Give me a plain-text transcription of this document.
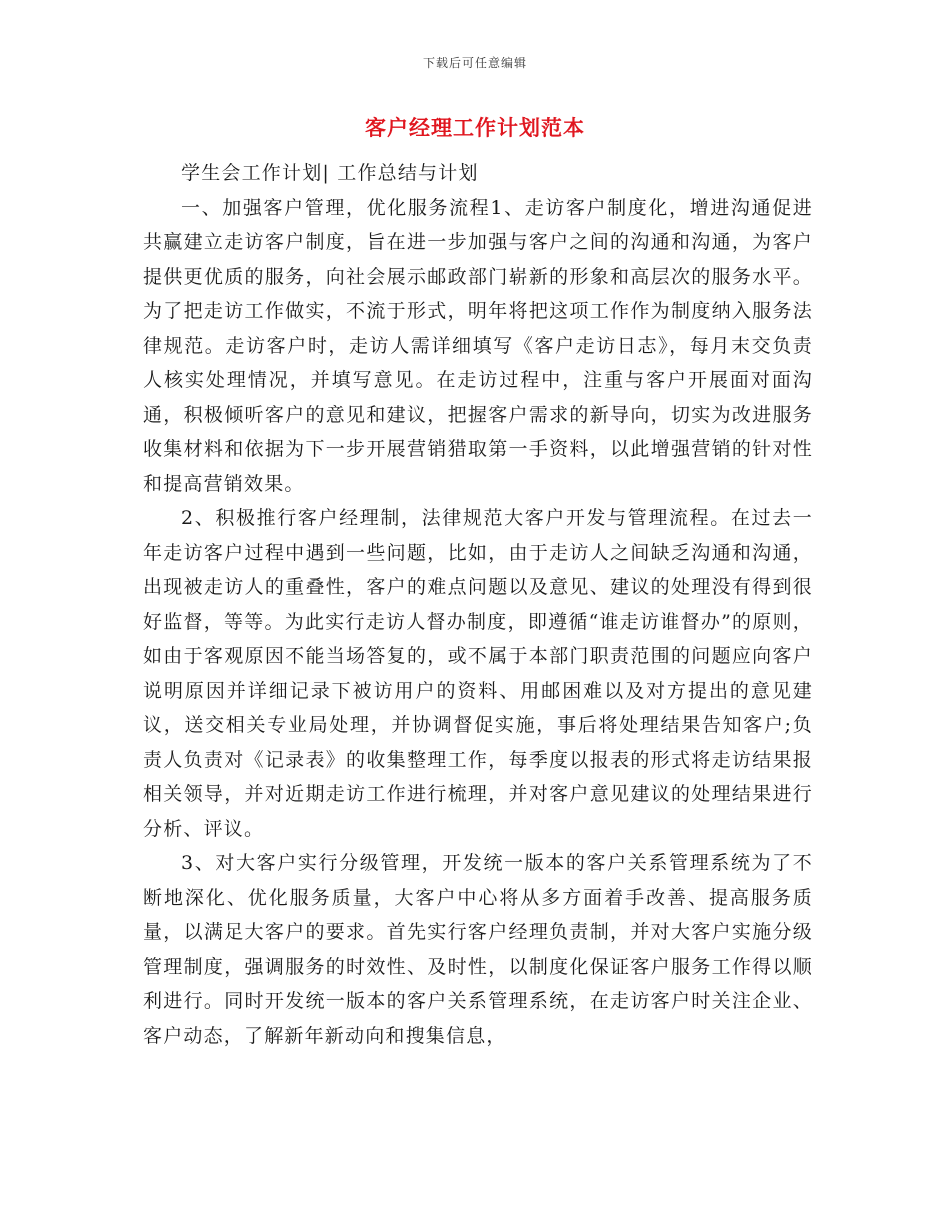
下载后可任意编辑
客户经理工作计划范本

学生会工作计划| 工作总结与计划

一、加强客户管理，优化服务流程1、走访客户制度化，增进沟通促进共赢建立走访客户制度，旨在进一步加强与客户之间的沟通和沟通，为客户提供更优质的服务，向社会展示邮政部门崭新的形象和高层次的服务水平。为了把走访工作做实，不流于形式，明年将把这项工作作为制度纳入服务法律规范。走访客户时，走访人需详细填写《客户走访日志》，每月末交负责人核实处理情况，并填写意见。在走访过程中，注重与客户开展面对面沟通，积极倾听客户的意见和建议，把握客户需求的新导向，切实为改进服务收集材料和依据为下一步开展营销猎取第一手资料，以此增强营销的针对性和提高营销效果。

2、积极推行客户经理制，法律规范大客户开发与管理流程。在过去一年走访客户过程中遇到一些问题，比如，由于走访人之间缺乏沟通和沟通，出现被走访人的重叠性，客户的难点问题以及意见、建议的处理没有得到很好监督，等等。为此实行走访人督办制度，即遵循“谁走访谁督办”的原则，如由于客观原因不能当场答复的，或不属于本部门职责范围的问题应向客户说明原因并详细记录下被访用户的资料、用邮困难以及对方提出的意见建议，送交相关专业局处理，并协调督促实施，事后将处理结果告知客户;负责人负责对《记录表》的收集整理工作，每季度以报表的形式将走访结果报相关领导，并对近期走访工作进行梳理，并对客户意见建议的处理结果进行分析、评议。

3、对大客户实行分级管理，开发统一版本的客户关系管理系统为了不断地深化、优化服务质量，大客户中心将从多方面着手改善、提高服务质量，以满足大客户的要求。首先实行客户经理负责制，并对大客户实施分级管理制度，强调服务的时效性、及时性，以制度化保证客户服务工作得以顺利进行。同时开发统一版本的客户关系管理系统，在走访客户时关注企业、客户动态，了解新年新动向和搜集信息，
